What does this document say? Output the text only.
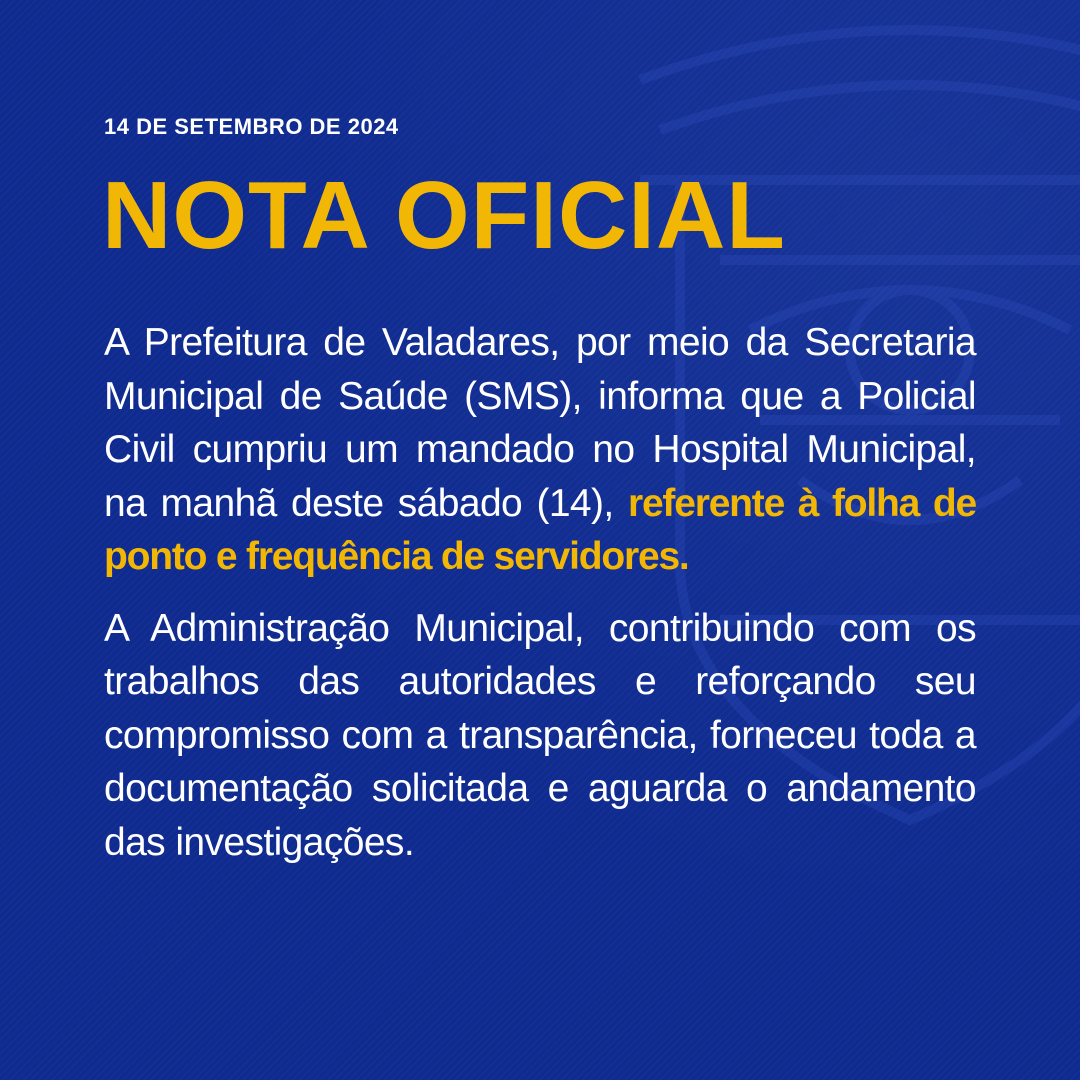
14 DE SETEMBRO DE 2024

NOTA OFICIAL

A Prefeitura de Valadares, por meio da Secretaria Municipal de Saúde (SMS), informa que a Policial Civil cumpriu um mandado no Hospital Municipal, na manhã deste sábado (14), referente à folha de ponto e frequência de servidores.

A Administração Municipal, contribuindo com os trabalhos das autoridades e reforçando seu compromisso com a transparência, forneceu toda a documentação solicitada e aguarda o andamento das investigações.
